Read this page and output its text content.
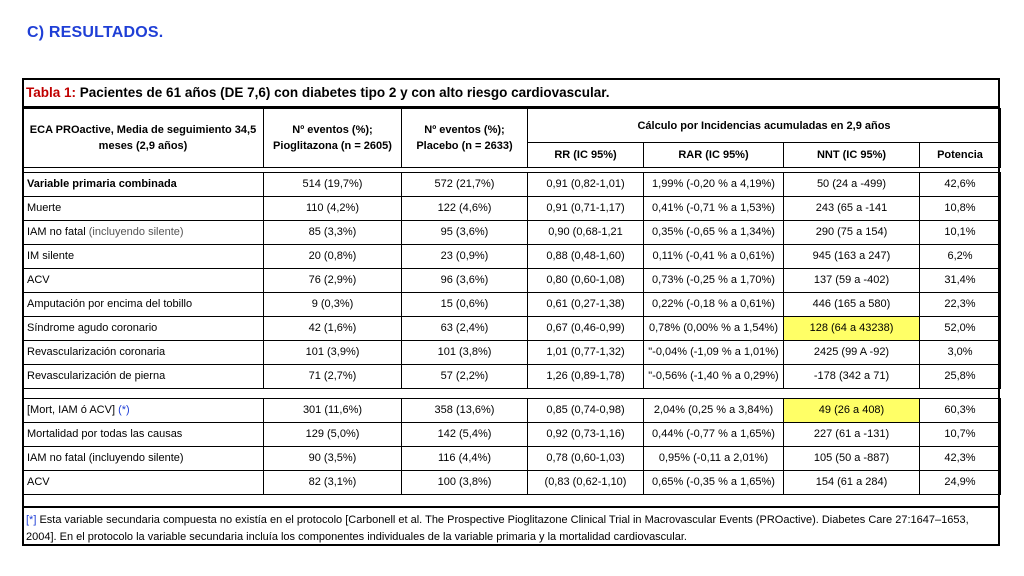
C) RESULTADOS.
Tabla 1: Pacientes de 61 años (DE 7,6) con diabetes tipo 2 y con alto riesgo cardiovascular.
ECA PROactive, Media de seguimiento 34,5 meses (2,9 años)	Nº eventos (%); Pioglitazona (n = 2605)	Nº eventos (%); Placebo (n = 2633)	Cálculo por Incidencias acumuladas en 2,9 años			
			RR (IC 95%)	RAR (IC 95%)	NNT (IC 95%)	Potencia
Variable primaria combinada	514 (19,7%)	572 (21,7%)	0,91 (0,82-1,01)	1,99% (-0,20 % a 4,19%)	50 (24 a -499)	42,6%
Muerte	110 (4,2%)	122 (4,6%)	0,91 (0,71-1,17)	0,41% (-0,71 % a 1,53%)	243 (65 a -141	10,8%
IAM no fatal (incluyendo silente)	85 (3,3%)	95 (3,6%)	0,90 (0,68-1,21	0,35% (-0,65 % a 1,34%)	290 (75 a 154)	10,1%
IM silente	20 (0,8%)	23 (0,9%)	0,88 (0,48-1,60)	0,11% (-0,41 % a 0,61%)	945 (163 a 247)	6,2%
ACV	76 (2,9%)	96 (3,6%)	0,80 (0,60-1,08)	0,73% (-0,25 % a 1,70%)	137 (59 a -402)	31,4%
Amputación por encima del tobillo	9 (0,3%)	15 (0,6%)	0,61 (0,27-1,38)	0,22% (-0,18 % a 0,61%)	446 (165 a 580)	22,3%
Síndrome agudo coronario	42 (1,6%)	63 (2,4%)	0,67 (0,46-0,99)	0,78% (0,00% % a 1,54%)	128 (64 a 43238)	52,0%
Revascularización coronaria	101 (3,9%)	101 (3,8%)	1,01 (0,77-1,32)	"-0,04% (-1,09 % a 1,01%)	2425 (99 A -92)	3,0%
Revascularización de pierna	71 (2,7%)	57 (2,2%)	1,26 (0,89-1,78)	"-0,56% (-1,40 % a 0,29%)	-178 (342 a 71)	25,8%
[Mort, IAM ó ACV] (*)	301 (11,6%)	358 (13,6%)	0,85 (0,74-0,98)	2,04% (0,25 % a 3,84%)	49 (26 a 408)	60,3%
Mortalidad por todas las causas	129 (5,0%)	142 (5,4%)	0,92 (0,73-1,16)	0,44% (-0,77 % a 1,65%)	227 (61 a -131)	10,7%
IAM no fatal (incluyendo silente)	90 (3,5%)	116 (4,4%)	0,78 (0,60-1,03)	0,95% (-0,11 a 2,01%)	105 (50 a -887)	42,3%
ACV	82 (3,1%)	100 (3,8%)	(0,83 (0,62-1,10)	0,65% (-0,35 % a 1,65%)	154 (61 a 284)	24,9%
[*] Esta variable secundaria compuesta no existía en el protocolo [Carbonell et al. The Prospective Pioglitazone Clinical Trial in Macrovascular Events (PROactive). Diabetes Care 27:1647–1653, 2004]. En el protocolo la variable secundaria incluía los componentes individuales de la variable primaria y la mortalidad cardiovascular.
